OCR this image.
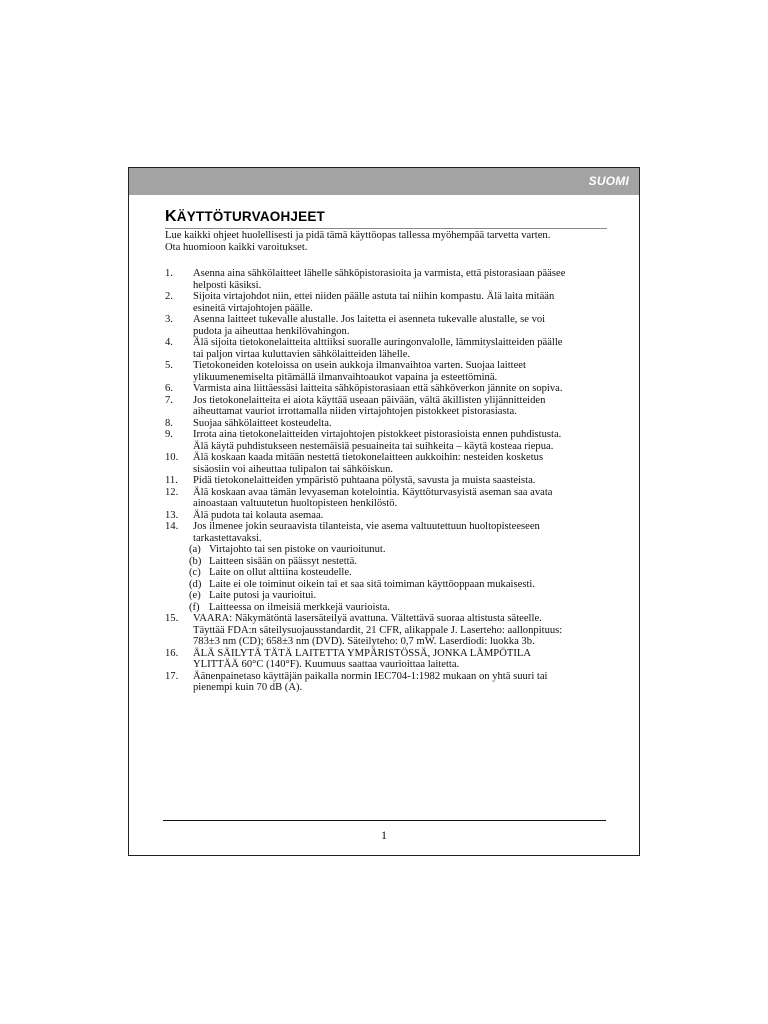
SUOMI
KÄYTTÖTURVAOHJEET
Lue kaikki ohjeet huolellisesti ja pidä tämä käyttöopas tallessa myöhempää tarvetta varten.
Ota huomioon kaikki varoitukset.
1.	Asenna aina sähkölaitteet lähelle sähköpistorasioita ja varmista, että pistorasiaan pääsee
helposti käsiksi.
2.	Sijoita virtajohdot niin, ettei niiden päälle astuta tai niihin kompastu. Älä laita mitään
esineitä virtajohtojen päälle.
3.	Asenna laitteet tukevalle alustalle. Jos laitetta ei asenneta tukevalle alustalle, se voi
pudota ja aiheuttaa henkilövahingon.
4.	Älä sijoita tietokonelaitteita alttiiksi suoralle auringonvalolle, lämmityslaitteiden päälle
tai paljon virtaa kuluttavien sähkölaitteiden lähelle.
5.	Tietokoneiden koteloissa on usein aukkoja ilmanvaihtoa varten. Suojaa laitteet
ylikuumenemiselta pitämällä ilmanvaihtoaukot vapaina ja esteettöminä.
6.	Varmista aina liittäessäsi laitteita sähköpistorasiaan että sähköverkon jännite on sopiva.
7.	Jos tietokonelaitteita ei aiota käyttää useaan päivään, vältä äkillisten ylijännitteiden
aiheuttamat vauriot irrottamalla niiden virtajohtojen pistokkeet pistorasiasta.
8.	Suojaa sähkölaitteet kosteudelta.
9.	Irrota aina tietokonelaitteiden virtajohtojen pistokkeet pistorasioista ennen puhdistusta.
Älä käytä puhdistukseen nestemäisiä pesuaineita tai suihkeita – käytä kosteaa riepua.
10.	Älä koskaan kaada mitään nestettä tietokonelaitteen aukkoihin: nesteiden kosketus
sisäosiin voi aiheuttaa tulipalon tai sähköiskun.
11.	Pidä tietokonelaitteiden ympäristö puhtaana pölystä, savusta ja muista saasteista.
12.	Älä koskaan avaa tämän levyaseman kotelointia. Käyttöturvasyistä aseman saa avata
ainoastaan valtuutetun huoltopisteen henkilöstö.
13.	Älä pudota tai kolauta asemaa.
14.	Jos ilmenee jokin seuraavista tilanteista, vie asema valtuutettuun huoltopisteeseen
tarkastettavaksi.
(a) Virtajohto tai sen pistoke on vaurioitunut.
(b) Laitteen sisään on päässyt nestettä.
(c) Laite on ollut alttiina kosteudelle.
(d) Laite ei ole toiminut oikein tai et saa sitä toimiman käyttöoppaan mukaisesti.
(e) Laite putosi ja vaurioitui.
(f) Laitteessa on ilmeisiä merkkejä vaurioista.
15.	VAARA: Näkymätöntä lasersäteilyä avattuna. Vältettävä suoraa altistusta säteelle.
Täyttää FDA:n säteilysuojausstandardit, 21 CFR, alikappale J. Laserteho: aallonpituus:
783±3 nm (CD); 658±3 nm (DVD). Säteilyteho: 0,7 mW. Laserdiodi: luokka 3b.
16.	ÄLÄ SÄILYTÄ TÄTÄ LAITETTA YMPÄRISTÖSSÄ, JONKA LÄMPÖTILA
YLITTÄÄ 60°C (140°F). Kuumuus saattaa vaurioittaa laitetta.
17.	Äänenpainetaso käyttäjän paikalla normin IEC704-1:1982 mukaan on yhtä suuri tai
pienempi kuin 70 dB (A).
1
